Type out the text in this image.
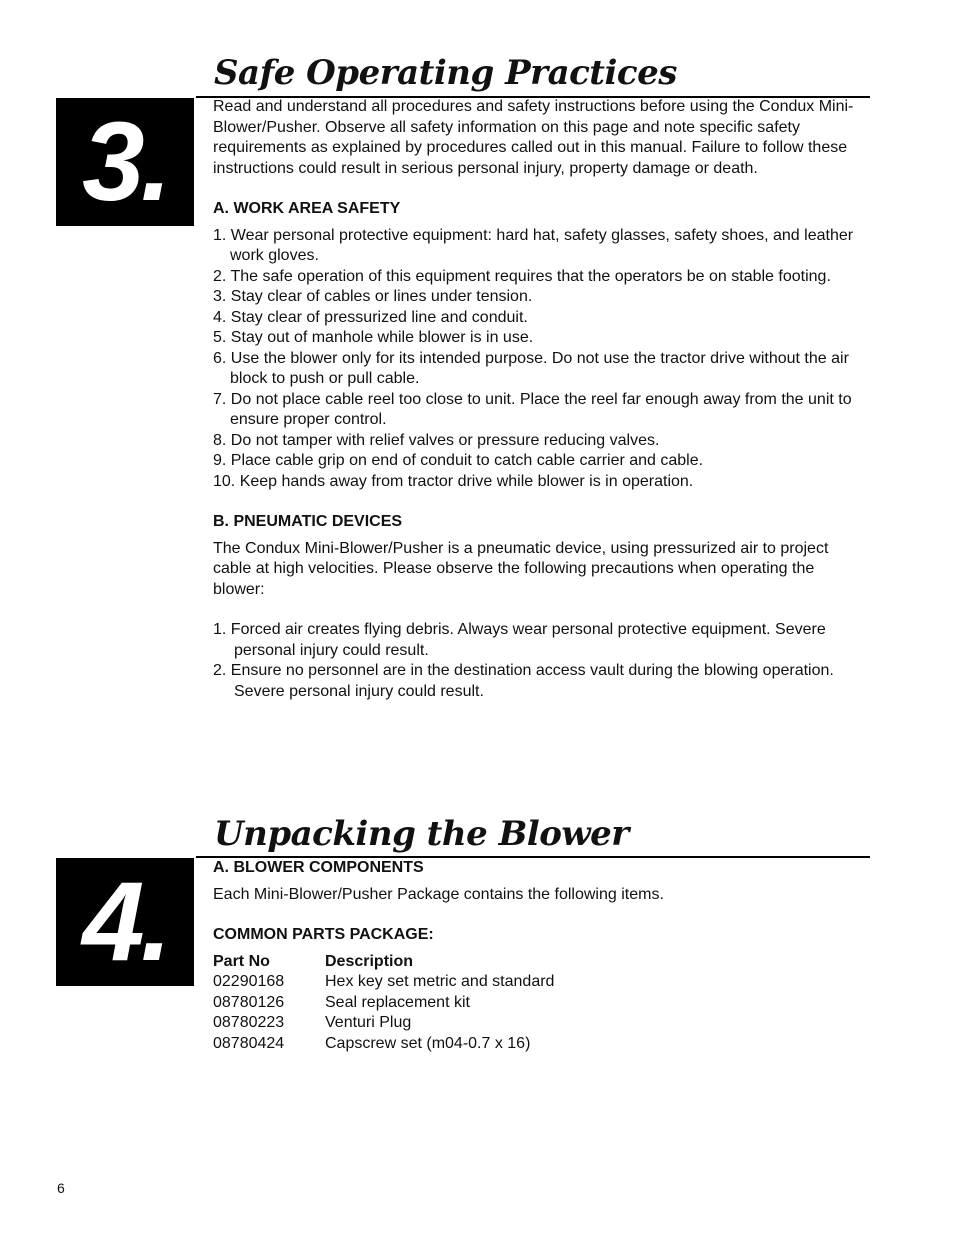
Safe Operating Practices
3.	Read and understand all procedures and safety instructions before using the Condux Mini-Blower/Pusher. Observe all safety information on this page and note specific safety requirements as explained by procedures called out in this manual. Failure to follow these instructions could result in serious personal injury, property damage or death.

A. WORK AREA SAFETY

1. Wear personal protective equipment: hard hat, safety glasses, safety shoes, and leather work gloves.
2. The safe operation of this equipment requires that the operators be on stable footing.
3. Stay clear of cables or lines under tension.
4. Stay clear of pressurized line and conduit.
5. Stay out of manhole while blower is in use.
6. Use the blower only for its intended purpose. Do not use the tractor drive without the air block to push or pull cable.
7. Do not place cable reel too close to unit. Place the reel far enough away from the unit to ensure proper control.
8. Do not tamper with relief valves or pressure reducing valves.
9. Place cable grip on end of conduit to catch cable carrier and cable.
10. Keep hands away from tractor drive while blower is in operation.

B. PNEUMATIC DEVICES

The Condux Mini-Blower/Pusher is a pneumatic device, using pressurized air to project cable at high velocities. Please observe the following precautions when operating the blower:

1. Forced air creates flying debris. Always wear personal protective equipment. Severe personal injury could result.
2. Ensure no personnel are in the destination access vault during the blowing operation. Severe personal injury could result.
Unpacking the Blower
4.	A. BLOWER COMPONENTS

Each Mini-Blower/Pusher Package contains the following items.

COMMON PARTS PACKAGE:

Part No	Description
02290168	Hex key set metric and standard
08780126	Seal replacement kit
08780223	Venturi Plug
08780424	Capscrew set (m04-0.7 x 16)
6
